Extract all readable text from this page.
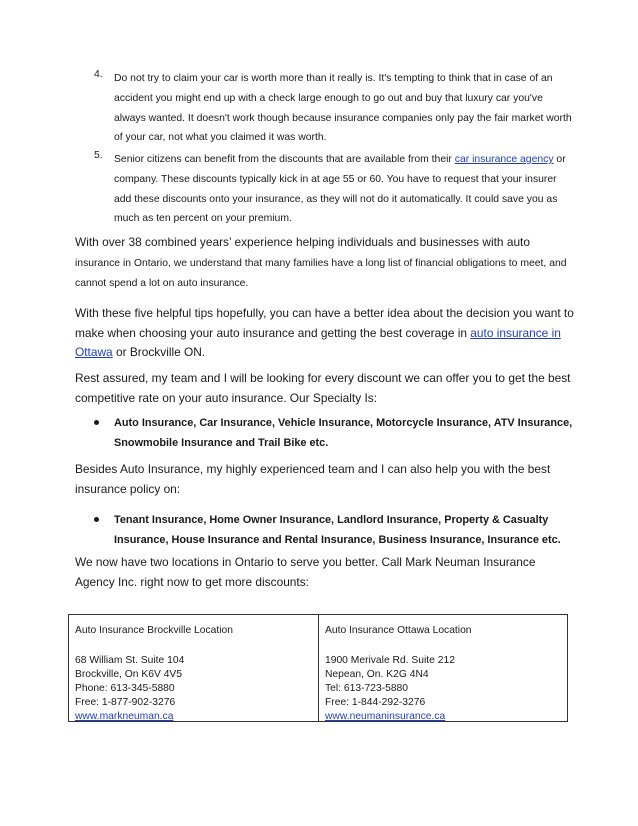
4. Do not try to claim your car is worth more than it really is. It's tempting to think that in case of an accident you might end up with a check large enough to go out and buy that luxury car you've always wanted. It doesn't work though because insurance companies only pay the fair market worth of your car, not what you claimed it was worth.
5. Senior citizens can benefit from the discounts that are available from their car insurance agency or company. These discounts typically kick in at age 55 or 60. You have to request that your insurer add these discounts onto your insurance, as they will not do it automatically. It could save you as much as ten percent on your premium.
With over 38 combined years’ experience helping individuals and businesses with auto insurance in Ontario, we understand that many families have a long list of financial obligations to meet, and cannot spend a lot on auto insurance.
With these five helpful tips hopefully, you can have a better idea about the decision you want to make when choosing your auto insurance and getting the best coverage in auto insurance in Ottawa or Brockville ON.
Rest assured, my team and I will be looking for every discount we can offer you to get the best competitive rate on your auto insurance. Our Specialty Is:
Auto Insurance, Car Insurance, Vehicle Insurance, Motorcycle Insurance, ATV Insurance, Snowmobile Insurance and Trail Bike etc.
Besides Auto Insurance, my highly experienced team and I can also help you with the best insurance policy on:
Tenant Insurance, Home Owner Insurance, Landlord Insurance, Property & Casualty Insurance, House Insurance and Rental Insurance, Business Insurance, Insurance etc.
We now have two locations in Ontario to serve you better. Call Mark Neuman Insurance Agency Inc. right now to get more discounts:
Auto Insurance Brockville Location
68 William St. Suite 104
Brockville, On K6V 4V5
Phone: 613-345-5880
Free: 1-877-902-3276
www.markneuman.ca
Auto Insurance Ottawa Location
1900 Merivale Rd. Suite 212
Nepean, On. K2G 4N4
Tel: 613-723-5880
Free: 1-844-292-3276
www.neumaninsurance.ca
